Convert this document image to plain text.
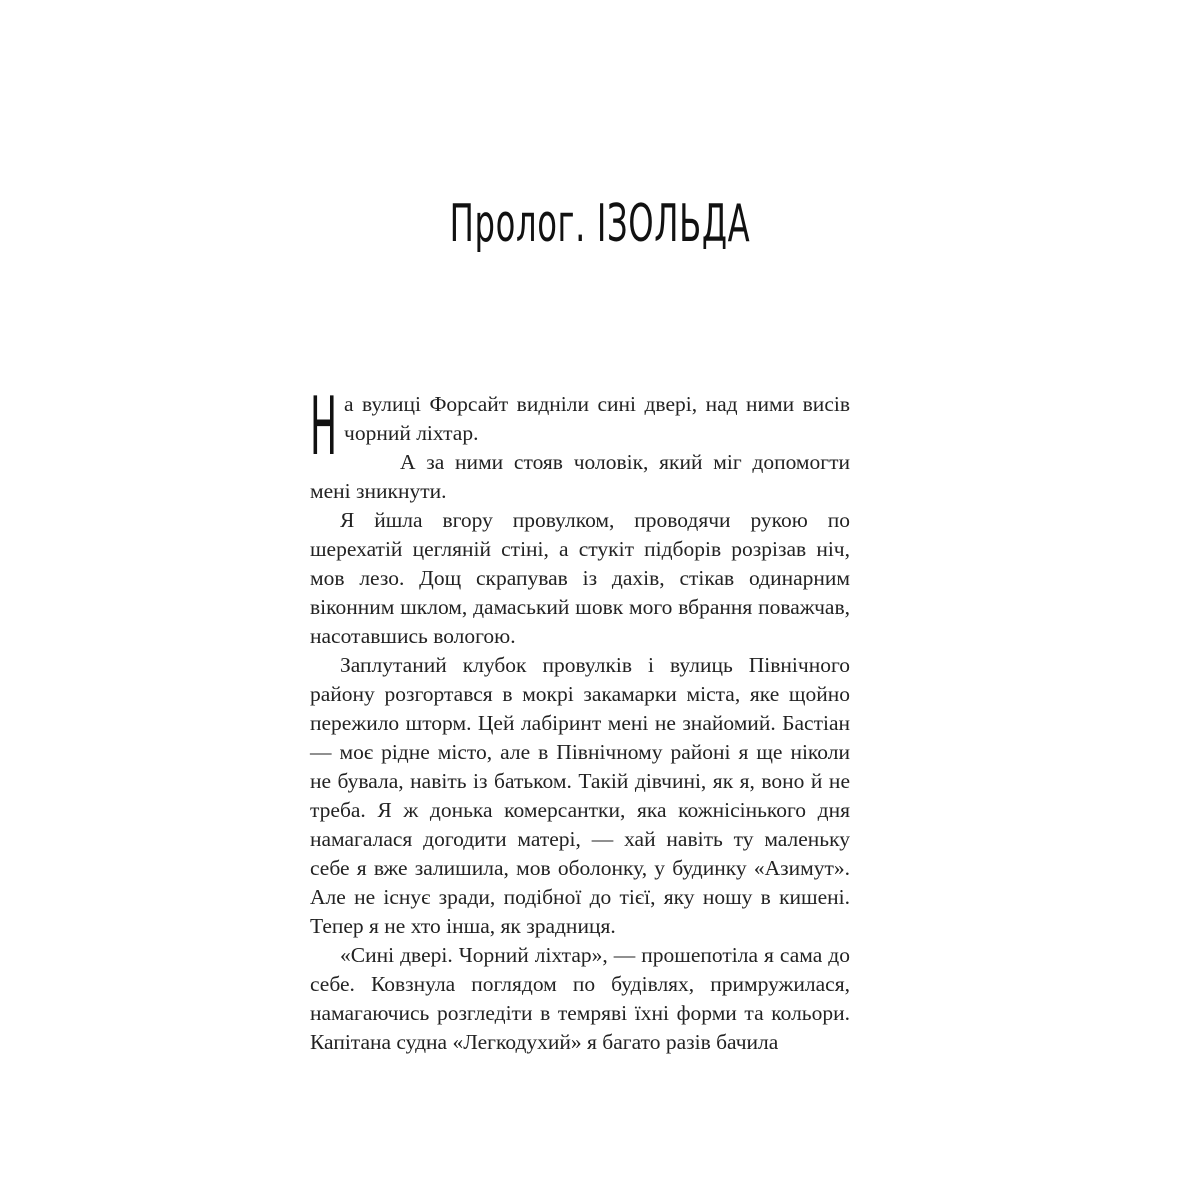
Пролог. ІЗОЛЬДА

На вулиці Форсайт видніли сині двері, над ними висів чорний ліхтар.

А за ними стояв чоловік, який міг допомогти мені зникнути.

Я йшла вгору провулком, проводячи рукою по шерехатій цегляній стіні, а стукіт підборів розрізав ніч, мов лезо. Дощ скрапував із дахів, стікав одинарним віконним шклом, дамаський шовк мого вбрання поважчав, насотавшись вологою.

Заплутаний клубок провулків і вулиць Північного району розгортався в мокрі закамарки міста, яке щойно пережило шторм. Цей лабіринт мені не знайомий. Бастіан — моє рідне місто, але в Північному районі я ще ніколи не бувала, навіть із батьком. Такій дівчині, як я, воно й не треба. Я ж донька комерсантки, яка кожнісінького дня намагалася догодити матері, — хай навіть ту маленьку себе я вже залишила, мов оболонку, у будинку «Азимут». Але не існує зради, подібної до тієї, яку ношу в кишені. Тепер я не хто інша, як зрадниця.

«Сині двері. Чорний ліхтар», — прошепотіла я сама до себе. Ковзнула поглядом по будівлях, примружилася, намагаючись розгледіти в темряві їхні форми та кольори. Капітана судна «Легкодухий» я багато разів бачила
